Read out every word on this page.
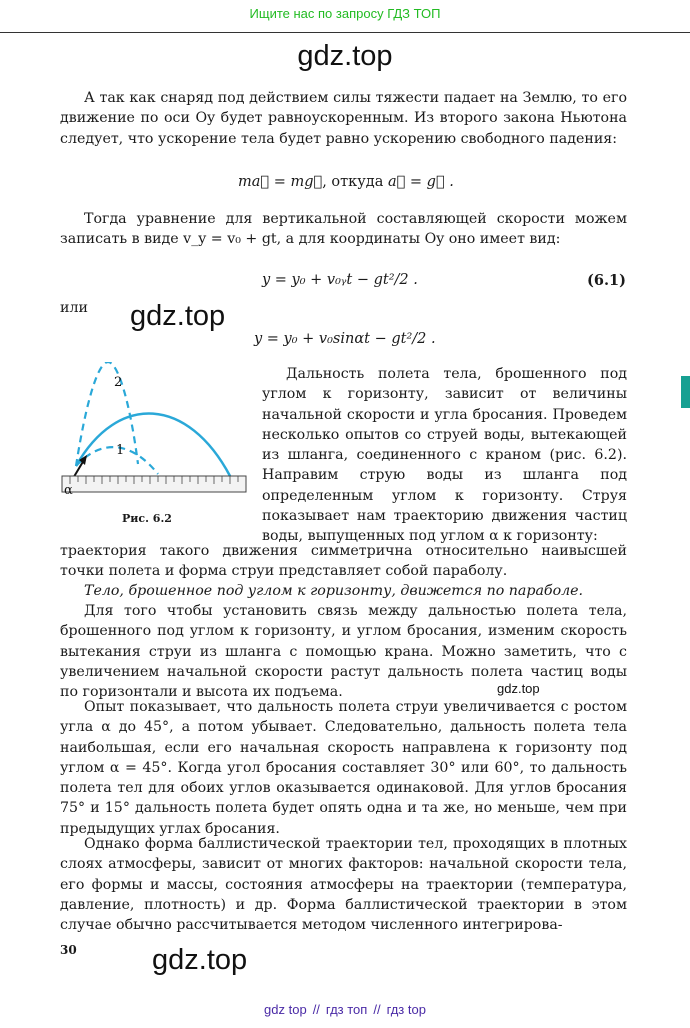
Ищите нас по запросу ГДЗ ТОП
gdz.top

А так как снаряд под действием силы тяжести падает на Землю, то его движение по оси Oy будет равноускоренным. Из второго закона Ньютона следует, что ускорение тела будет равно ускорению свободного падения:

ma⃗ = mg⃗, откуда a⃗ = g⃗ .

Тогда уравнение для вертикальной составляющей скорости можем записать в виде v_y = v₀ + gt, а для координаты Oy оно имеет вид:

y = y₀ + v₀ᵧt − gt²/2 .	(6.1)
или gdz.top
y = y₀ + v₀sinαt − gt²/2 .
2
1
α
Рис. 6.2

Дальность полета тела, брошенного под углом к горизонту, зависит от величины начальной скорости и угла бросания. Проведем несколько опытов со струей воды, вытекающей из шланга, соединенного с краном (рис. 6.2). Направим струю воды из шланга под определенным углом к горизонту. Струя показывает нам траекторию движения частиц воды, выпущенных под углом α к горизонту:

траектория такого движения симметрична относительно наивысшей точки полета и форма струи представляет собой параболу.

Тело, брошенное под углом к горизонту, движется по параболе.

Для того чтобы установить связь между дальностью полета тела, брошенного под углом к горизонту, и углом бросания, изменим скорость вытекания струи из шланга с помощью крана. Можно заметить, что с увеличением начальной скорости растут дальность полета частиц воды по горизонтали и высота их подъема.	gdz.top

Опыт показывает, что дальность полета струи увеличивается с ростом угла α до 45°, а потом убывает. Следовательно, дальность полета тела наибольшая, если его начальная скорость направлена к горизонту под углом α = 45°. Когда угол бросания составляет 30° или 60°, то дальность полета тел для обоих углов оказывается одинаковой. Для углов бросания 75° и 15° дальность полета будет опять одна и та же, но меньше, чем при предыдущих углах бросания.

Однако форма баллистической траектории тел, проходящих в плотных слоях атмосферы, зависит от многих факторов: начальной скорости тела, его формы и массы, состояния атмосферы на траектории (температура, давление, плотность) и др. Форма баллистической траектории в этом случае обычно рассчитывается методом численного интегрирова-

30	gdz.top
gdz top // гдз топ // гдз top
